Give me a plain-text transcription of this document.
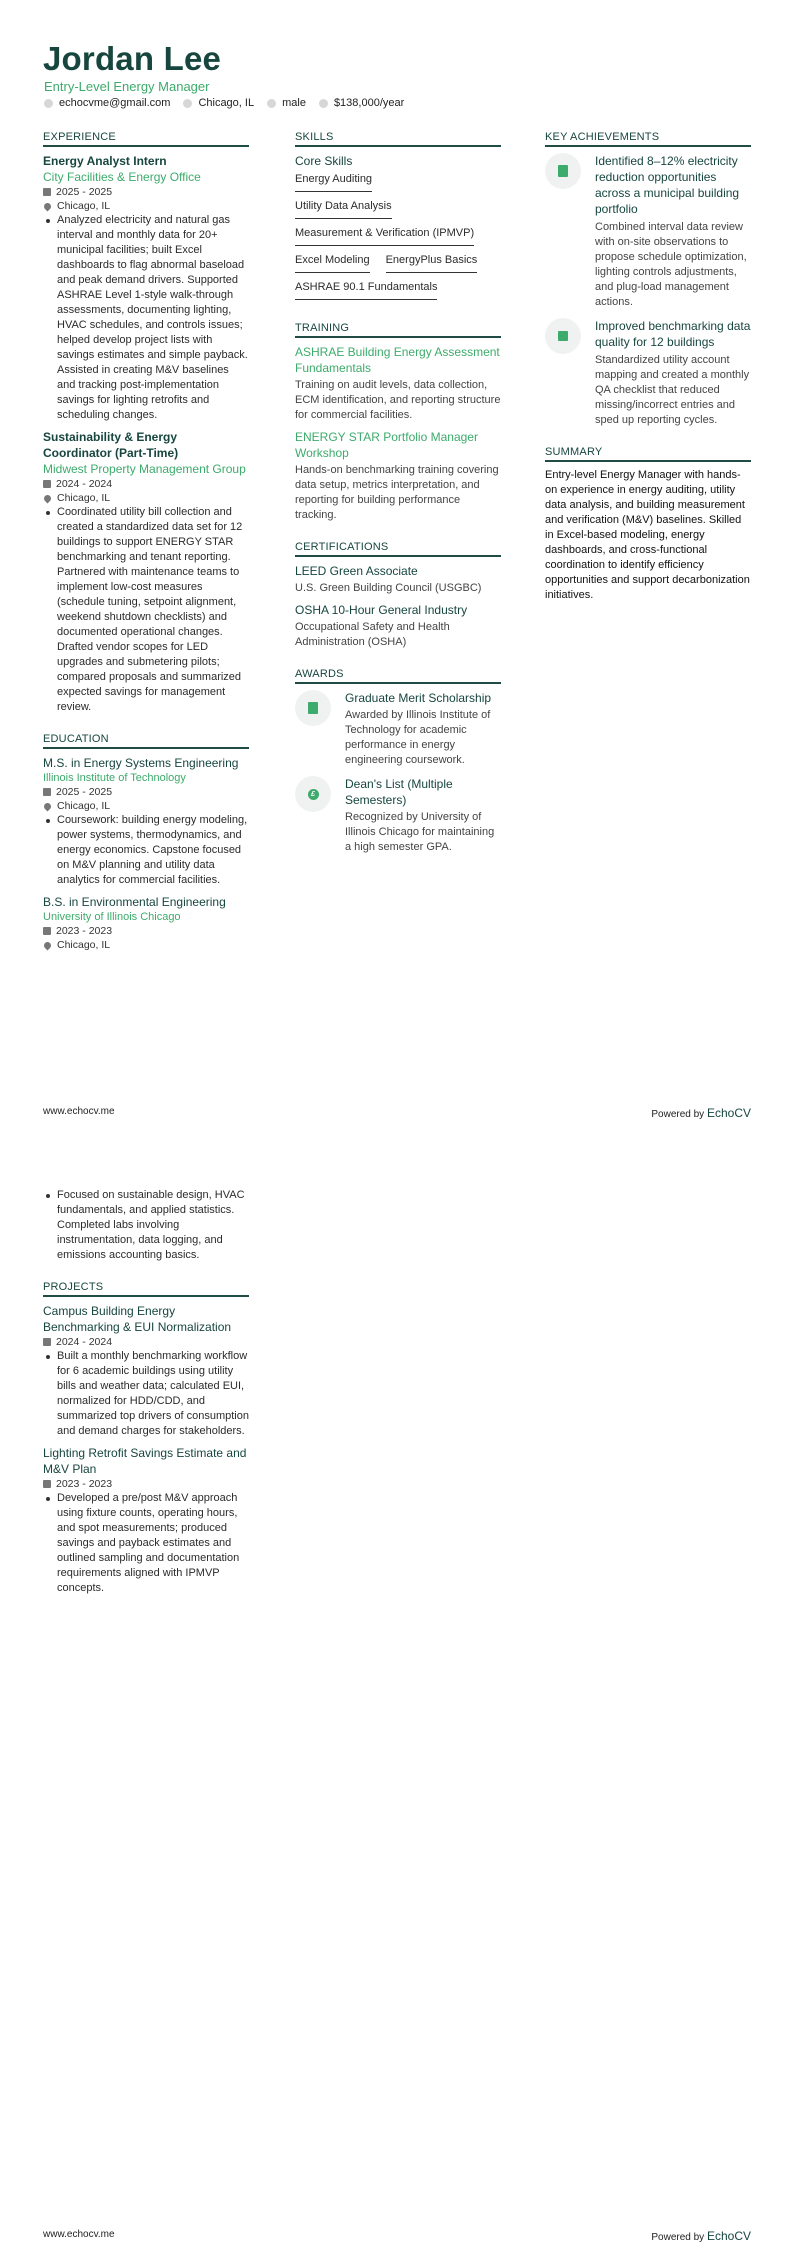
Jordan Lee
Entry-Level Energy Manager
echocvme@gmail.com	Chicago, IL	male	$138,000/year
EXPERIENCE
Energy Analyst Intern
City Facilities & Energy Office
2025 - 2025
Chicago, IL
Analyzed electricity and natural gas interval and monthly data for 20+ municipal facilities; built Excel dashboards to flag abnormal baseload and peak demand drivers. Supported ASHRAE Level 1-style walk-through assessments, documenting lighting, HVAC schedules, and controls issues; helped develop project lists with savings estimates and simple payback. Assisted in creating M&V baselines and tracking post-implementation savings for lighting retrofits and scheduling changes.
Sustainability & Energy Coordinator (Part-Time)
Midwest Property Management Group
2024 - 2024
Chicago, IL
Coordinated utility bill collection and created a standardized data set for 12 buildings to support ENERGY STAR benchmarking and tenant reporting. Partnered with maintenance teams to implement low-cost measures (schedule tuning, setpoint alignment, weekend shutdown checklists) and documented operational changes. Drafted vendor scopes for LED upgrades and submetering pilots; compared proposals and summarized expected savings for management review.
EDUCATION
M.S. in Energy Systems Engineering
Illinois Institute of Technology
2025 - 2025
Chicago, IL
Coursework: building energy modeling, power systems, thermodynamics, and energy economics. Capstone focused on M&V planning and utility data analytics for commercial facilities.
B.S. in Environmental Engineering
University of Illinois Chicago
2023 - 2023
Chicago, IL
SKILLS
Core Skills
Energy Auditing
Utility Data Analysis
Measurement & Verification (IPMVP)
Excel Modeling EnergyPlus Basics
ASHRAE 90.1 Fundamentals
TRAINING
ASHRAE Building Energy Assessment Fundamentals
Training on audit levels, data collection, ECM identification, and reporting structure for commercial facilities.
ENERGY STAR Portfolio Manager Workshop
Hands-on benchmarking training covering data setup, metrics interpretation, and reporting for building performance tracking.
CERTIFICATIONS
LEED Green Associate
U.S. Green Building Council (USGBC)
OSHA 10-Hour General Industry
Occupational Safety and Health Administration (OSHA)
AWARDS
Graduate Merit Scholarship
Awarded by Illinois Institute of Technology for academic performance in energy engineering coursework.
£
Dean's List (Multiple Semesters)
Recognized by University of Illinois Chicago for maintaining a high semester GPA.
KEY ACHIEVEMENTS
Identified 8–12% electricity reduction opportunities across a municipal building portfolio
Combined interval data review with on-site observations to propose schedule optimization, lighting controls adjustments, and plug-load management actions.
Improved benchmarking data quality for 12 buildings
Standardized utility account mapping and created a monthly QA checklist that reduced missing/incorrect entries and sped up reporting cycles.
SUMMARY
Entry-level Energy Manager with hands-on experience in energy auditing, utility data analysis, and building measurement and verification (M&V) baselines. Skilled in Excel-based modeling, energy dashboards, and cross-functional coordination to identify efficiency opportunities and support decarbonization initiatives.
www.echocv.me	Powered by EchoCV
Focused on sustainable design, HVAC fundamentals, and applied statistics. Completed labs involving instrumentation, data logging, and emissions accounting basics.
PROJECTS
Campus Building Energy Benchmarking & EUI Normalization
2024 - 2024
Built a monthly benchmarking workflow for 6 academic buildings using utility bills and weather data; calculated EUI, normalized for HDD/CDD, and summarized top drivers of consumption and demand charges for stakeholders.
Lighting Retrofit Savings Estimate and M&V Plan
2023 - 2023
Developed a pre/post M&V approach using fixture counts, operating hours, and spot measurements; produced savings and payback estimates and outlined sampling and documentation requirements aligned with IPMVP concepts.
www.echocv.me	Powered by EchoCV
